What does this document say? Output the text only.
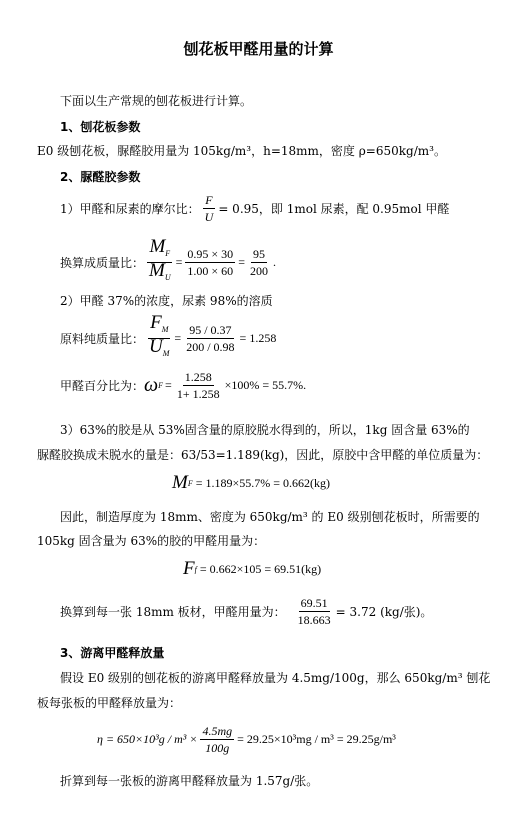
刨花板甲醛用量的计算
下面以生产常规的刨花板进行计算。
1、刨花板参数
E0 级刨花板，脲醛胶用量为 105kg/m³，h=18mm，密度 ρ=650kg/m³。
2、脲醛胶参数
1）甲醛和尿素的摩尔比： $\frac{F}{U} = 0.95$，即 1mol 尿素，配 0.95mol 甲醛
换算成质量比： $\frac{M_F}{M_U} = \frac{0.95 \times 30}{1.00 \times 60} = \frac{95}{200}$ .
2）甲醛 37%的浓度，尿素 98%的溶质
原料纯质量比： $\frac{F_M}{U_M} = \frac{95 / 0.37}{200 / 0.98} = 1.258$
甲醛百分比为： ω $F = \frac{1.258}{1+ 1.258} \times 100\% = 55.7\%$.
3）63%的胶是从 53%固含量的原胶脱水得到的，所以，1kg 固含量 63%的
脲醛胶换成未脱水的量是：63/53=1.189(kg)，因此，原胶中含甲醛的单位质量为：
M F = 1.189×55.7% = 0.662(kg)
因此，制造厚度为 18mm、密度为 650kg/m³ 的 E0 级别刨花板时，所需要的
105kg 固含量为 63%的胶的甲醛用量为：
F f = 0.662×105 = 69.51(kg)
换算到每一张 18mm 板材，甲醛用量为： $\frac{69.51}{18.663} = 3.72$ (kg/张)。
3、游离甲醛释放量
假设 E0 级别的刨花板的游离甲醛释放量为 4.5mg/100g，那么 650kg/m³ 刨花
板每张板的甲醛释放量为：
$\eta = 650\times 10^3g / m^3 \times \frac{4.5mg}{100g} = 29.25\times 10^3mg / m^3 = 29.25g/m^3$
折算到每一张板的游离甲醛释放量为 1.57g/张。
